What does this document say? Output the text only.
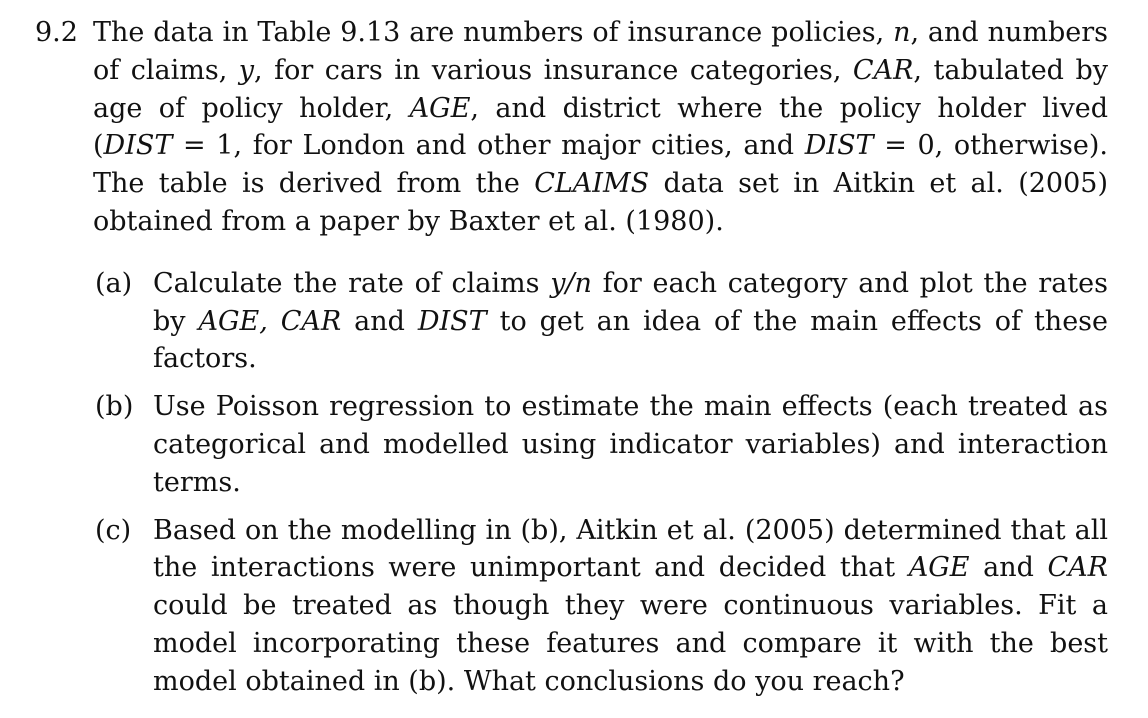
9.2 The data in Table 9.13 are numbers of insurance policies, n, and numbers of claims, y, for cars in various insurance categories, CAR, tabulated by age of policy holder, AGE, and district where the policy holder lived (DIST = 1, for London and other major cities, and DIST = 0, otherwise). The table is derived from the CLAIMS data set in Aitkin et al. (2005) obtained from a paper by Baxter et al. (1980).

(a) Calculate the rate of claims y/n for each category and plot the rates by AGE, CAR and DIST to get an idea of the main effects of these factors.
(b) Use Poisson regression to estimate the main effects (each treated as categorical and modelled using indicator variables) and interaction terms.
(c) Based on the modelling in (b), Aitkin et al. (2005) determined that all the interactions were unimportant and decided that AGE and CAR could be treated as though they were continuous variables. Fit a model incorporating these features and compare it with the best model obtained in (b). What conclusions do you reach?
